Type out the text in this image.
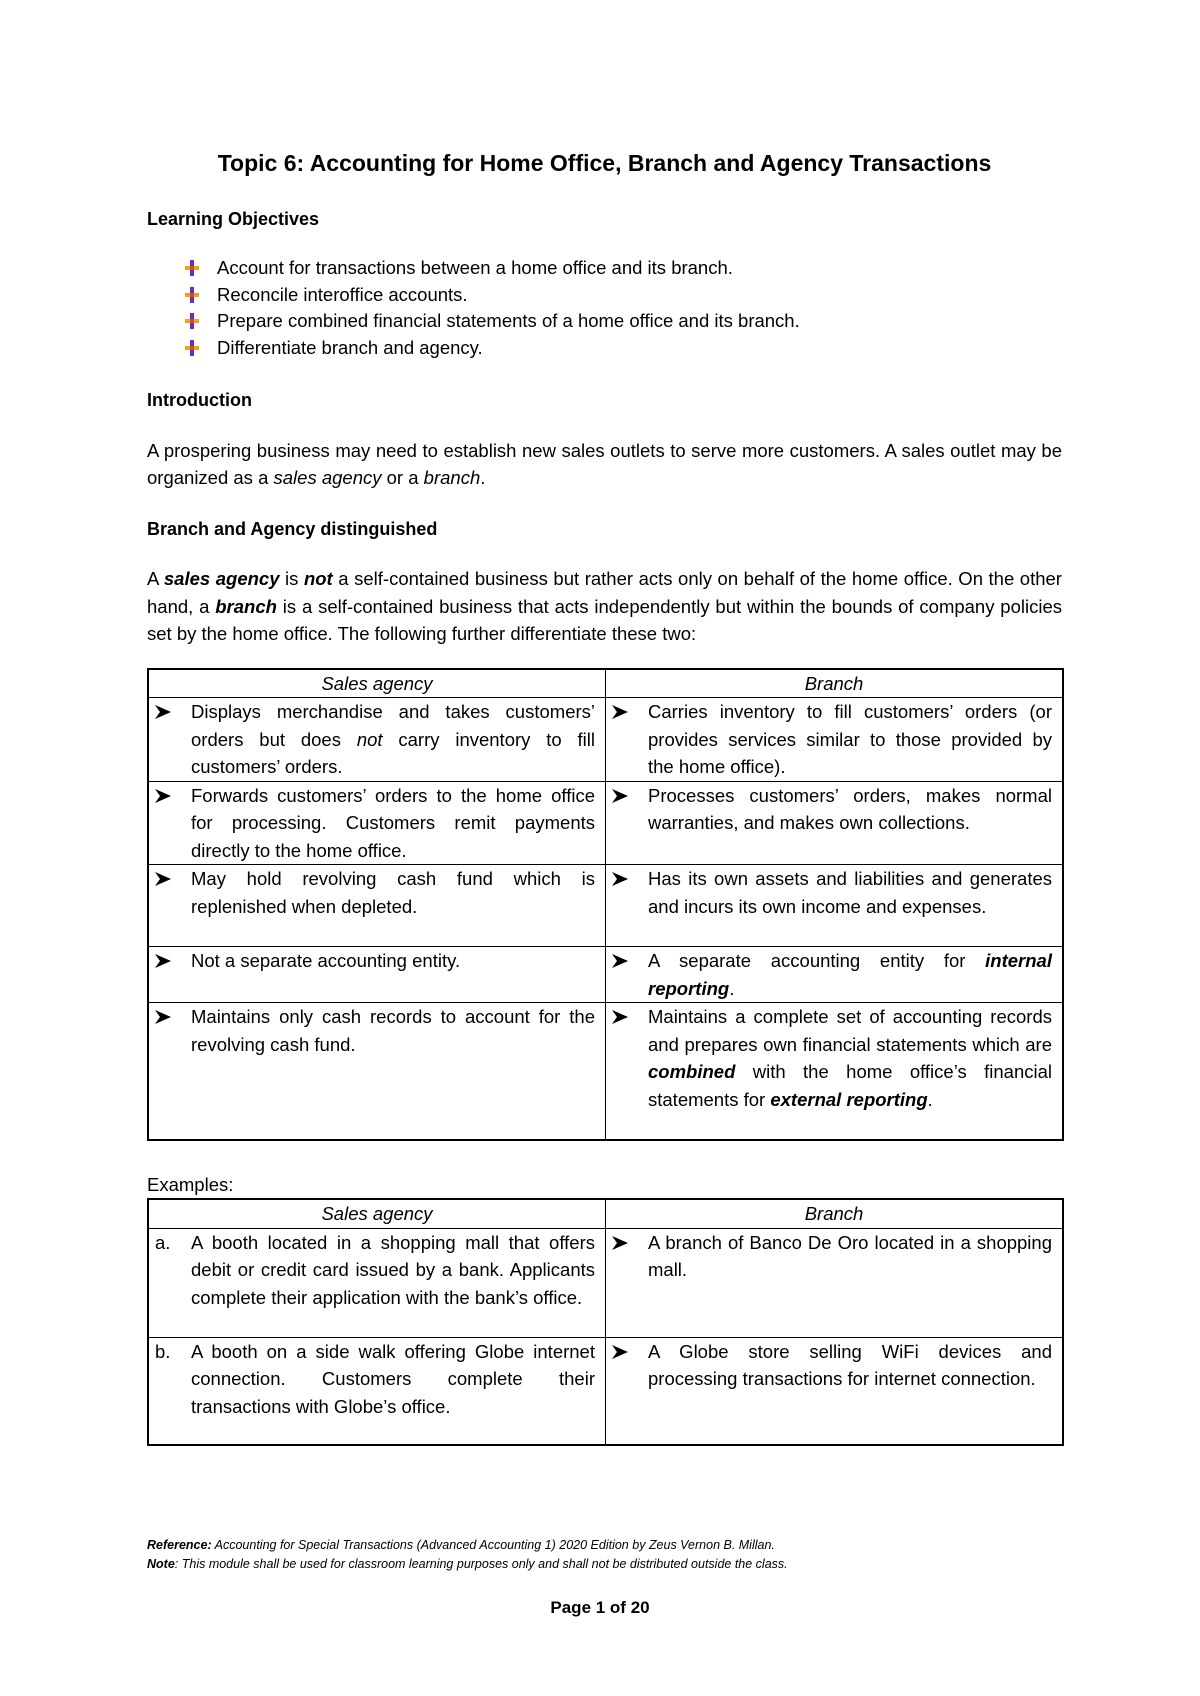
Topic 6: Accounting for Home Office, Branch and Agency Transactions
Learning Objectives
Account for transactions between a home office and its branch.
Reconcile interoffice accounts.
Prepare combined financial statements of a home office and its branch.
Differentiate branch and agency.
Introduction

A prospering business may need to establish new sales outlets to serve more customers. A sales outlet may be organized as a sales agency or a branch.

Branch and Agency distinguished

A sales agency is not a self-contained business but rather acts only on behalf of the home office. On the other hand, a branch is a self-contained business that acts independently but within the bounds of company policies set by the home office. The following further differentiate these two:

Sales agency	Branch

Displays merchandise and takes customers’ orders but does not carry inventory to fill customers’ orders.	Carries inventory to fill customers’ orders (or provides services similar to those provided by the home office).

Forwards customers’ orders to the home office for processing. Customers remit payments directly to the home office.	Processes customers’ orders, makes normal warranties, and makes own collections.

May hold revolving cash fund which is replenished when depleted.	Has its own assets and liabilities and generates and incurs its own income and expenses.

Not a separate accounting entity.	A separate accounting entity for internal reporting.

Maintains only cash records to account for the revolving cash fund.	Maintains a complete set of accounting records and prepares own financial statements which are combined with the home office’s financial statements for external reporting.
Examples:
Sales agency	Branch

a. A booth located in a shopping mall that offers debit or credit card issued by a bank. Applicants complete their application with the bank’s office.	A branch of Banco De Oro located in a shopping mall.

b. A booth on a side walk offering Globe internet connection. Customers complete their transactions with Globe’s office.	A Globe store selling WiFi devices and processing transactions for internet connection.
Reference: Accounting for Special Transactions (Advanced Accounting 1) 2020 Edition by Zeus Vernon B. Millan.
Note: This module shall be used for classroom learning purposes only and shall not be distributed outside the class.
Page 1 of 20
